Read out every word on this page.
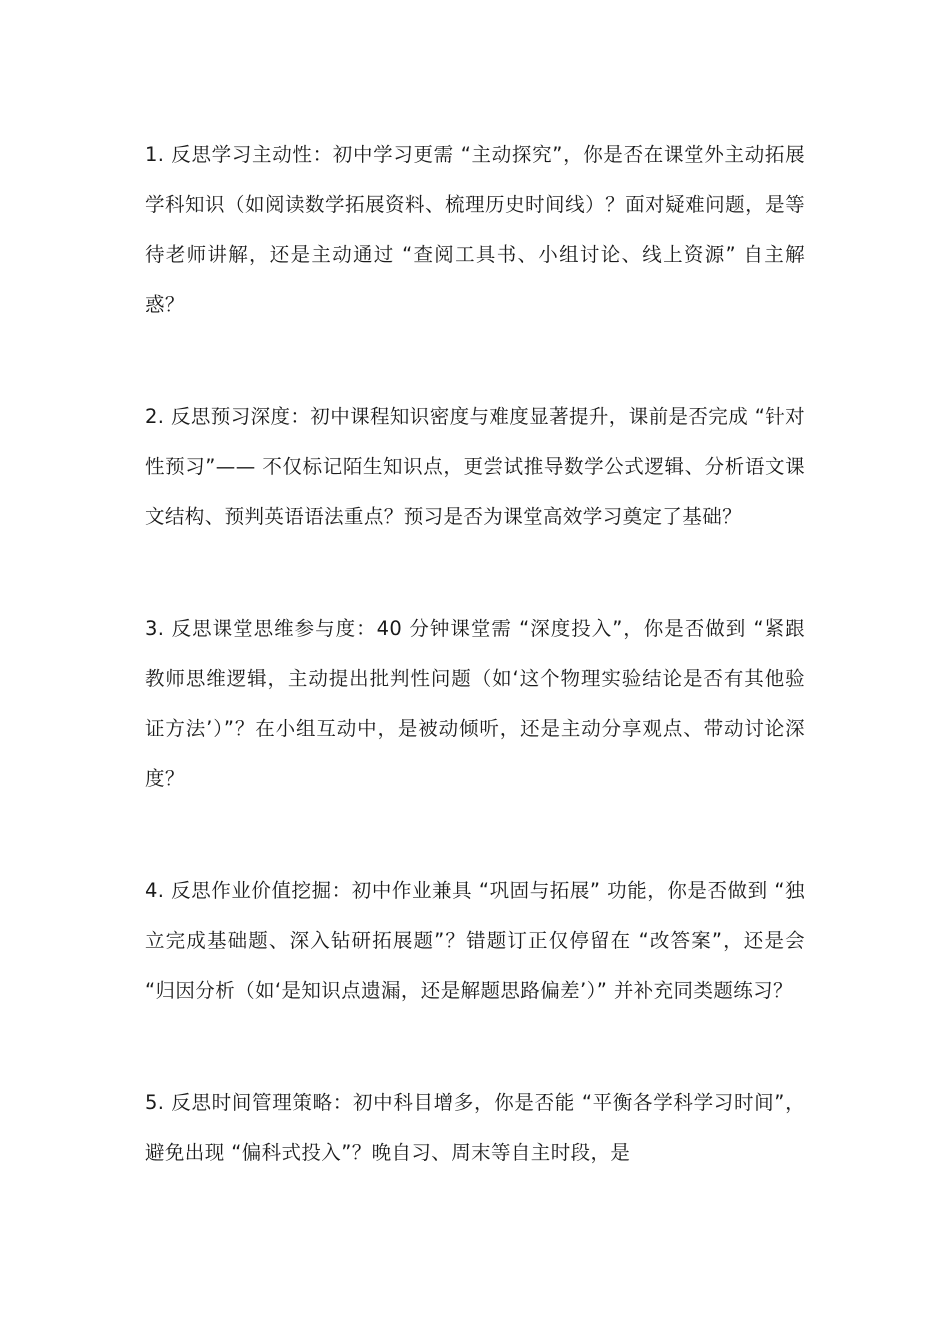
1. 反思学习主动性：初中学习更需 “主动探究”，你是否在课堂外主动拓展学科知识（如阅读数学拓展资料、梳理历史时间线）？面对疑难问题，是等待老师讲解，还是主动通过 “查阅工具书、小组讨论、线上资源” 自主解惑？

2. 反思预习深度：初中课程知识密度与难度显著提升，课前是否完成 “针对性预习”—— 不仅标记陌生知识点，更尝试推导数学公式逻辑、分析语文课文结构、预判英语语法重点？预习是否为课堂高效学习奠定了基础？

3. 反思课堂思维参与度：40 分钟课堂需 “深度投入”，你是否做到 “紧跟教师思维逻辑，主动提出批判性问题（如‘这个物理实验结论是否有其他验证方法’）”？在小组互动中，是被动倾听，还是主动分享观点、带动讨论深度？

4. 反思作业价值挖掘：初中作业兼具 “巩固与拓展” 功能，你是否做到 “独立完成基础题、深入钻研拓展题”？错题订正仅停留在 “改答案”，还是会 “归因分析（如‘是知识点遗漏，还是解题思路偏差’）” 并补充同类题练习？

5. 反思时间管理策略：初中科目增多，你是否能 “平衡各学科学习时间”，避免出现 “偏科式投入”？晚自习、周末等自主时段，是
